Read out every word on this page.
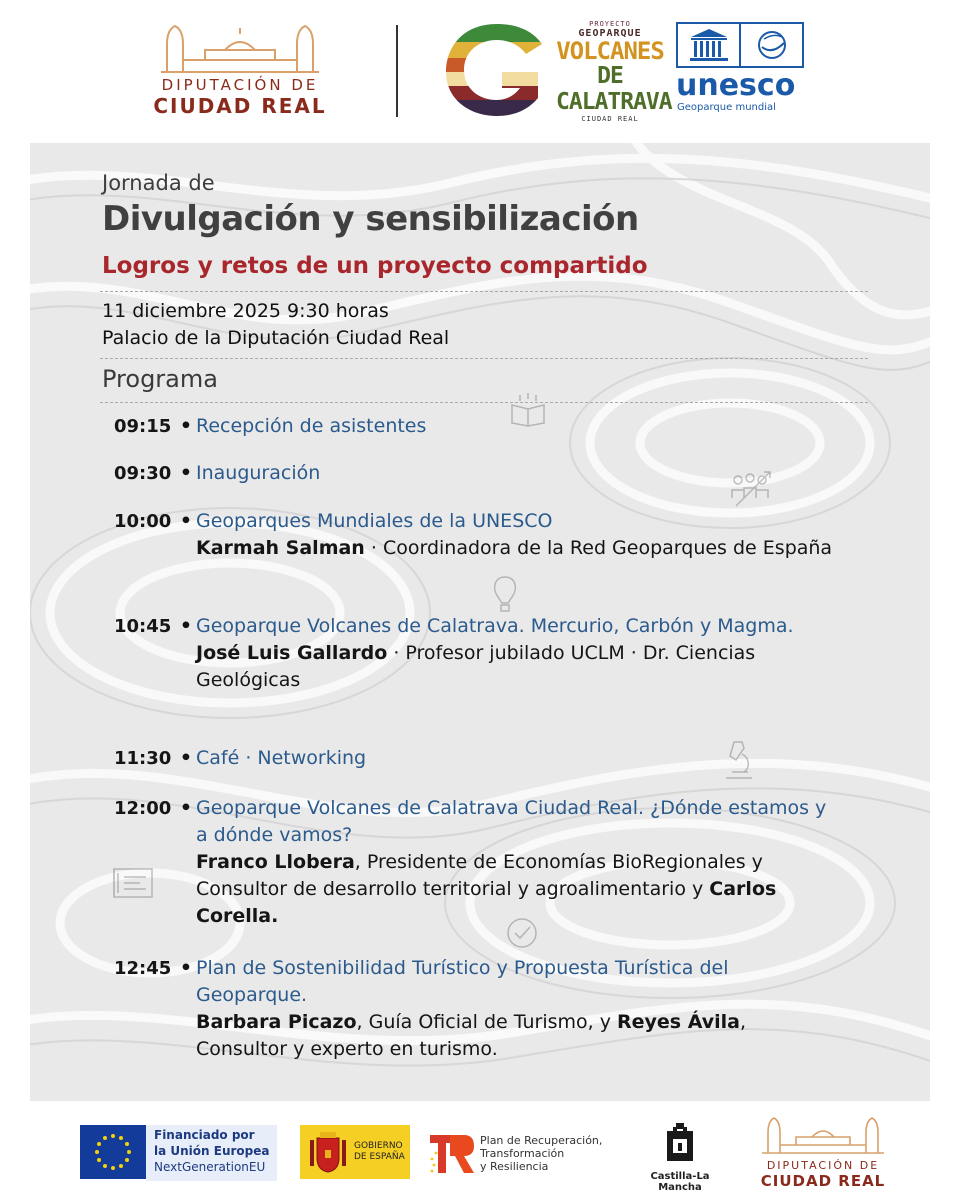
DIPUTACIÓN DE
CIUDAD REAL
PROYECTO
GEOPARQUE
VOLCANES
DE CALATRAVA
CIUDAD REAL
unesco
Geoparque mundial
Jornada de
Divulgación y sensibilización
Logros y retos de un proyecto compartido
11 diciembre 2025 9:30 horas
Palacio de la Diputación Ciudad Real
Programa
09:15 • Recepción de asistentes
09:30 • Inauguración
10:00 • Geoparques Mundiales de la UNESCO
Karmah Salman · Coordinadora de la Red Geoparques de España
10:45 • Geoparque Volcanes de Calatrava. Mercurio, Carbón y Magma.
José Luis Gallardo · Profesor jubilado UCLM · Dr. Ciencias Geológicas
11:30 • Café · Networking
12:00 • Geoparque Volcanes de Calatrava Ciudad Real. ¿Dónde estamos y a dónde vamos?
Franco Llobera, Presidente de Economías BioRegionales y Consultor de desarrollo territorial y agroalimentario y Carlos Corella.
12:45 • Plan de Sostenibilidad Turístico y Propuesta Turística del Geoparque.
Barbara Picazo, Guía Oficial de Turismo, y Reyes Ávila, Consultor y experto en turismo.
Financiado por
la Unión Europea
NextGenerationEU
GOBIERNO
DE ESPAÑA
Plan de Recuperación,
Transformación
y Resiliencia
Castilla-La Mancha
DIPUTACIÓN DE
CIUDAD REAL
